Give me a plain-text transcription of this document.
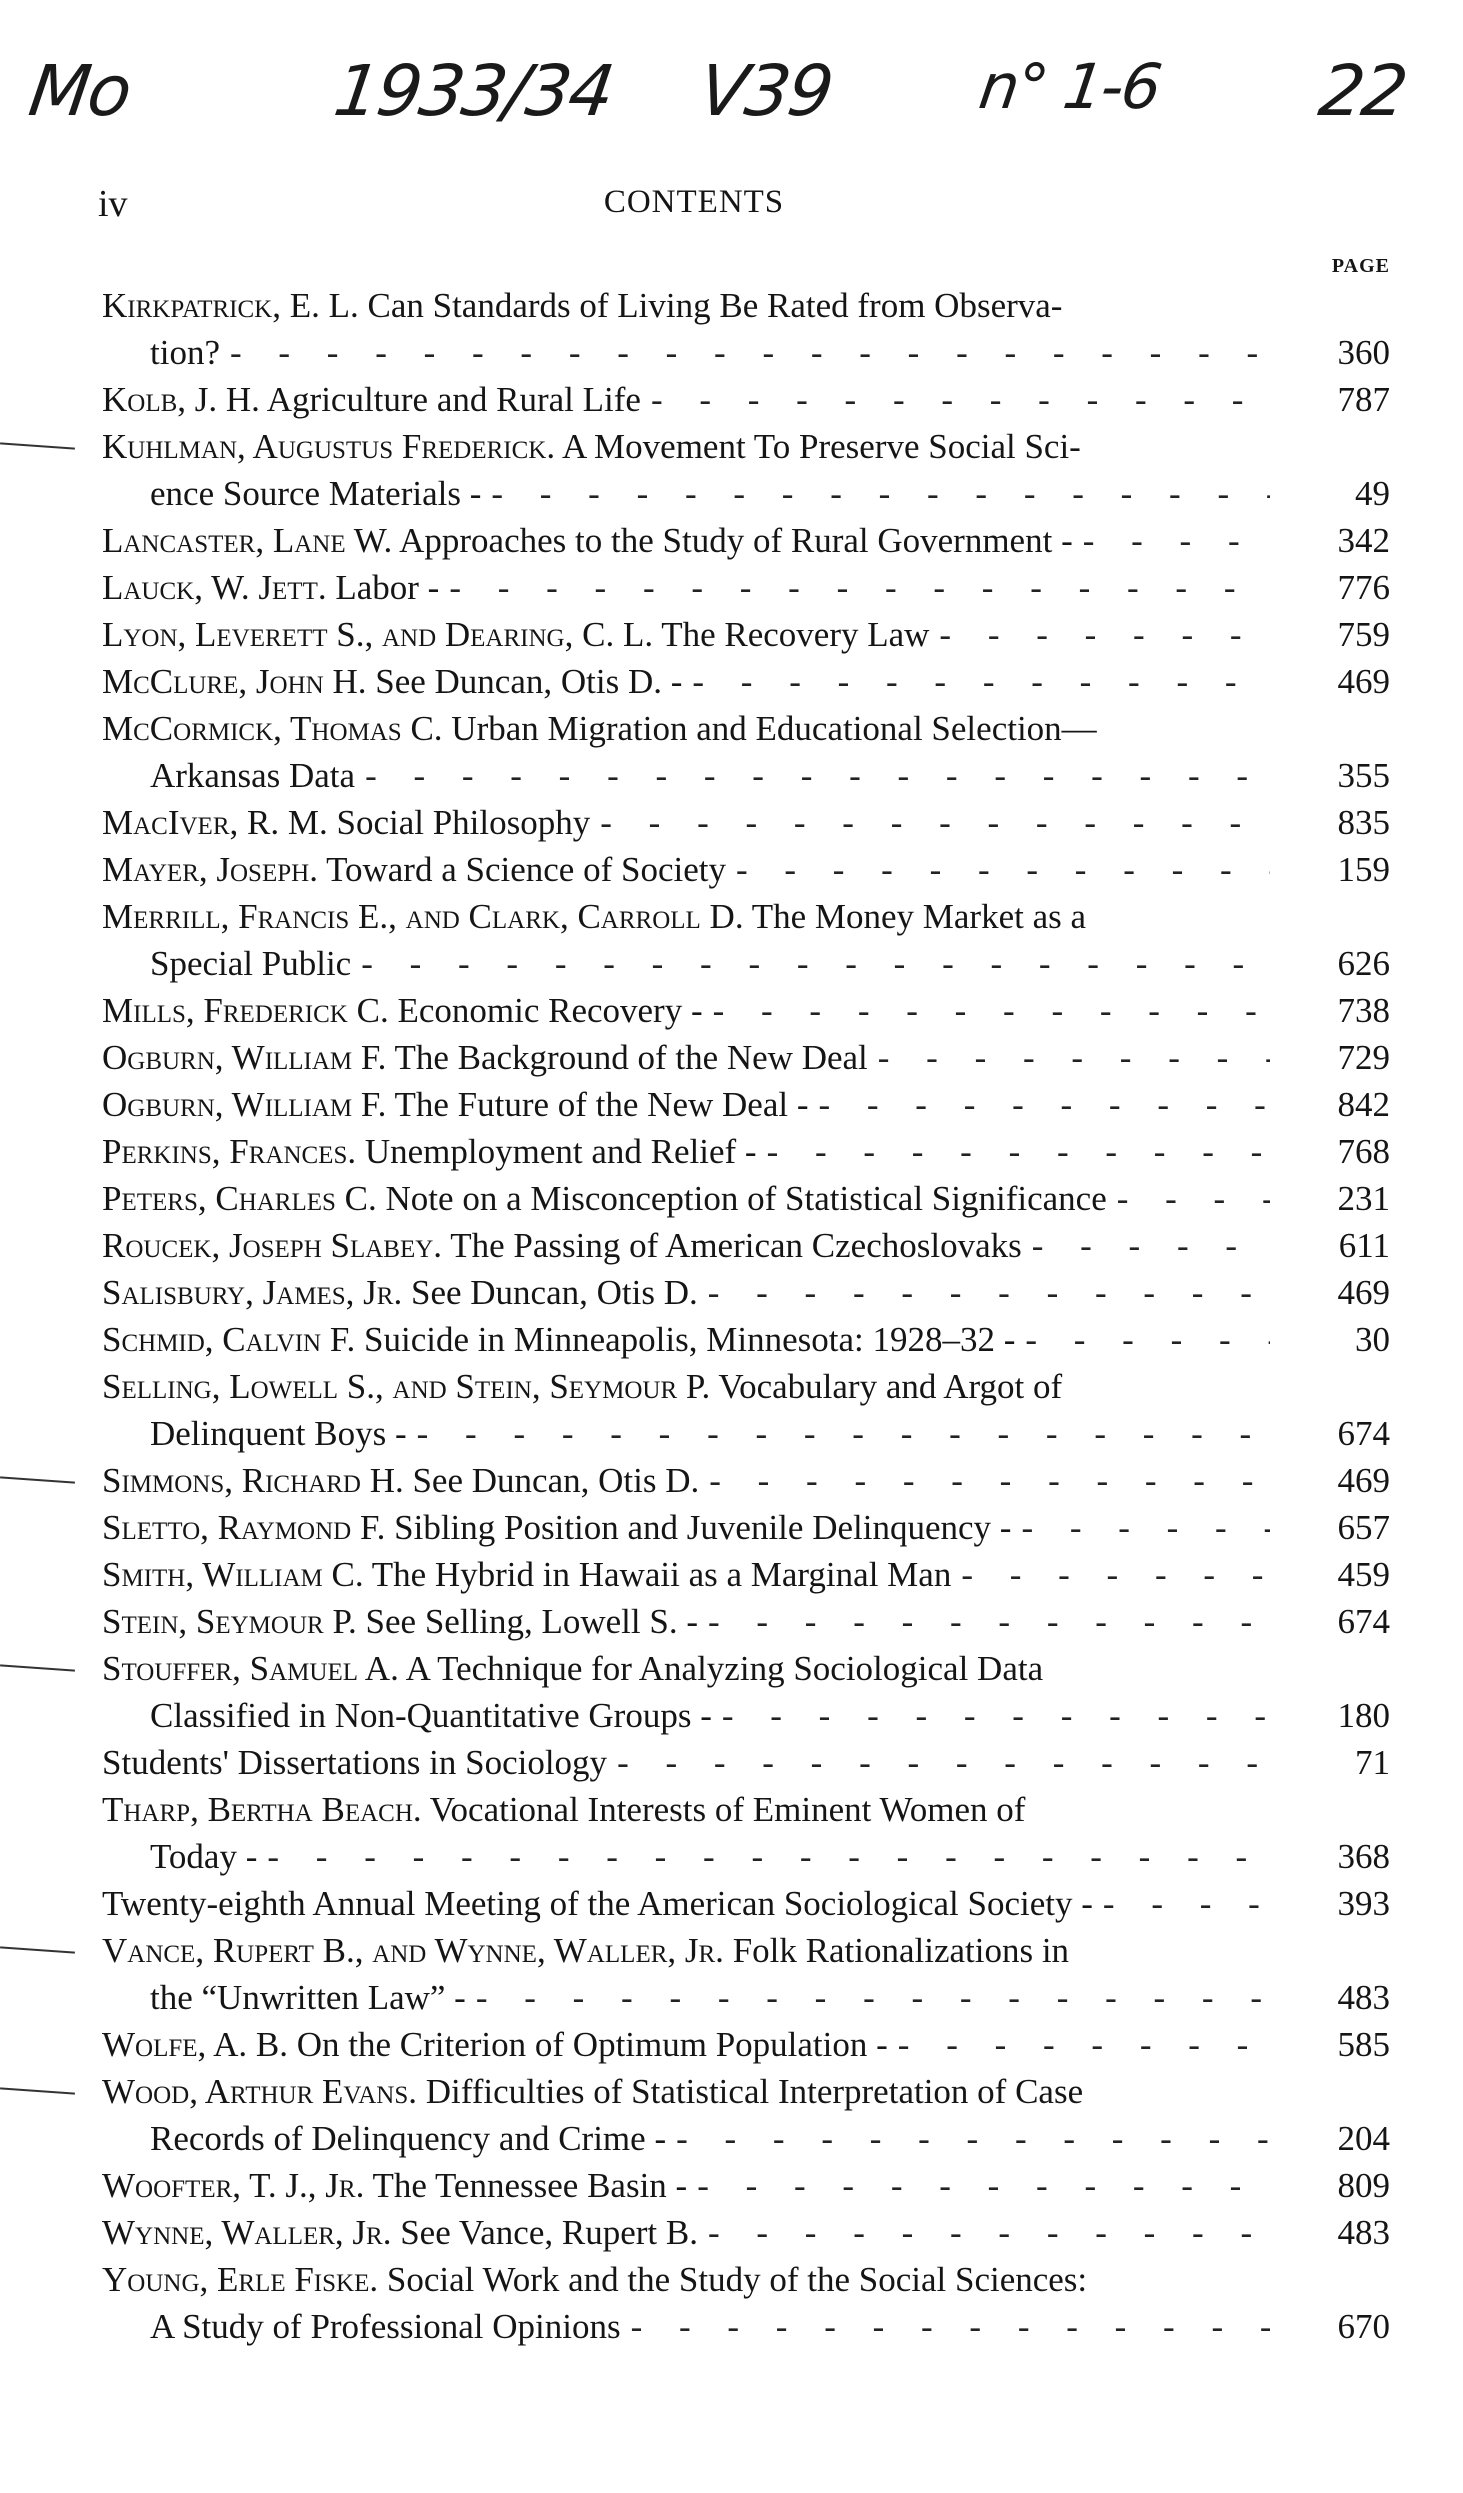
Mo	1933/34 V39 n° 1-6 22
iv	CONTENTS
PAGE
Kirkpatrick, E. L. Can Standards of Living Be Rated from Observa-
tion? - - -	360
Kolb, J. H. Agriculture and Rural Life - - -	787
Kuhlman, Augustus Frederick. A Movement To Preserve Social Sci-
ence Source Materials - - - -	49
Lancaster, Lane W. Approaches to the Study of Rural Government - - - -	342
Lauck, W. Jett. Labor - - - -	776
Lyon, Leverett S., and Dearing, C. L. The Recovery Law - - -	759
McClure, John H. See Duncan, Otis D. - - - -	469
McCormick, Thomas C. Urban Migration and Educational Selection—
Arkansas Data - - -	355
MacIver, R. M. Social Philosophy - - -	835
Mayer, Joseph. Toward a Science of Society - - -	159
Merrill, Francis E., and Clark, Carroll D. The Money Market as a
Special Public - - -	626
Mills, Frederick C. Economic Recovery - - - -	738
Ogburn, William F. The Background of the New Deal - - -	729
Ogburn, William F. The Future of the New Deal - - - -	842
Perkins, Frances. Unemployment and Relief - - - -	768
Peters, Charles C. Note on a Misconception of Statistical Significance - - -	231
Roucek, Joseph Slabey. The Passing of American Czechoslovaks - - -	611
Salisbury, James, Jr. See Duncan, Otis D. - - -	469
Schmid, Calvin F. Suicide in Minneapolis, Minnesota: 1928–32 - - - -	30
Selling, Lowell S., and Stein, Seymour P. Vocabulary and Argot of
Delinquent Boys - - - -	674
Simmons, Richard H. See Duncan, Otis D. - - -	469
Sletto, Raymond F. Sibling Position and Juvenile Delinquency - - - -	657
Smith, William C. The Hybrid in Hawaii as a Marginal Man - - -	459
Stein, Seymour P. See Selling, Lowell S. - - - -	674
Stouffer, Samuel A. A Technique for Analyzing Sociological Data
Classified in Non-Quantitative Groups - - - -	180
Students' Dissertations in Sociology - - -	71
Tharp, Bertha Beach. Vocational Interests of Eminent Women of
Today - - - -	368
Twenty-eighth Annual Meeting of the American Sociological Society - - - -	393
Vance, Rupert B., and Wynne, Waller, Jr. Folk Rationalizations in
the “Unwritten Law” - - - -	483
Wolfe, A. B. On the Criterion of Optimum Population - - - -	585
Wood, Arthur Evans. Difficulties of Statistical Interpretation of Case
Records of Delinquency and Crime - - - -	204
Woofter, T. J., Jr. The Tennessee Basin - - - -	809
Wynne, Waller, Jr. See Vance, Rupert B. - - -	483
Young, Erle Fiske. Social Work and the Study of the Social Sciences:
A Study of Professional Opinions - - -	670
